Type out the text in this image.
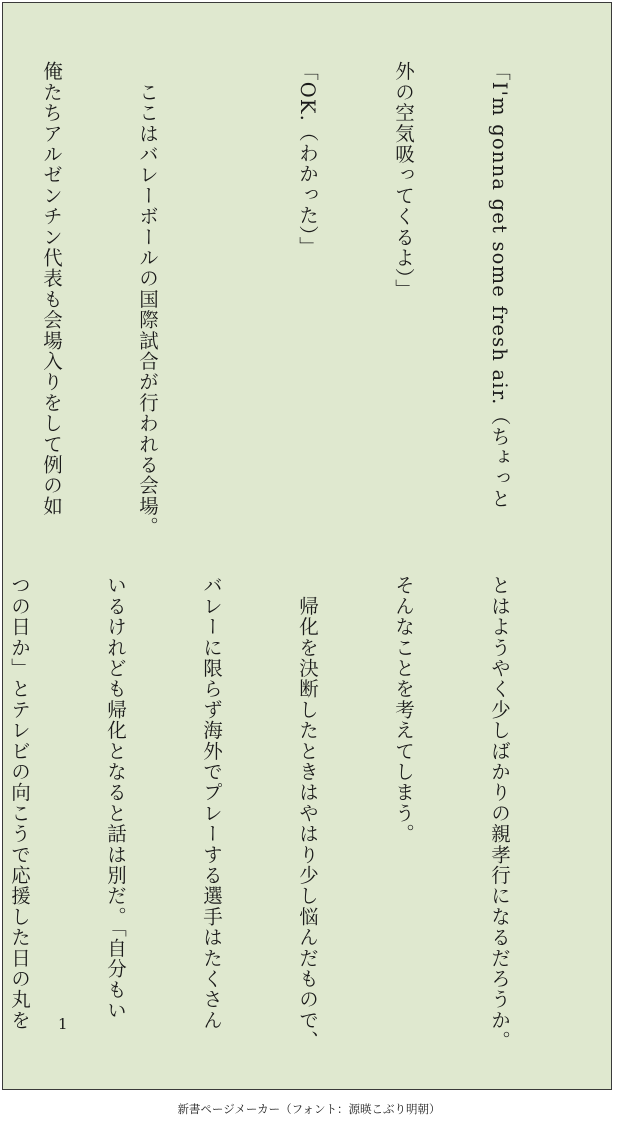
「I'm gonna get some fresh air.（ちょっと

外の空気吸ってくるよ）」

「OK.（わかった）」

　ここはバレーボールの国際試合が行われる会場。

俺たちアルゼンチン代表も会場入りをして例の如

とはようやく少しばかりの親孝行になるだろうか。

そんなことを考えてしまう。

　帰化を決断したときはやはり少し悩んだもので、

バレーに限らず海外でプレーする選手はたくさん

いるけれども帰化となると話は別だ。「自分もい

つの日か」とテレビの向こうで応援した日の丸を

1
新書ページメーカー（フォント：源暎こぶり明朝）
